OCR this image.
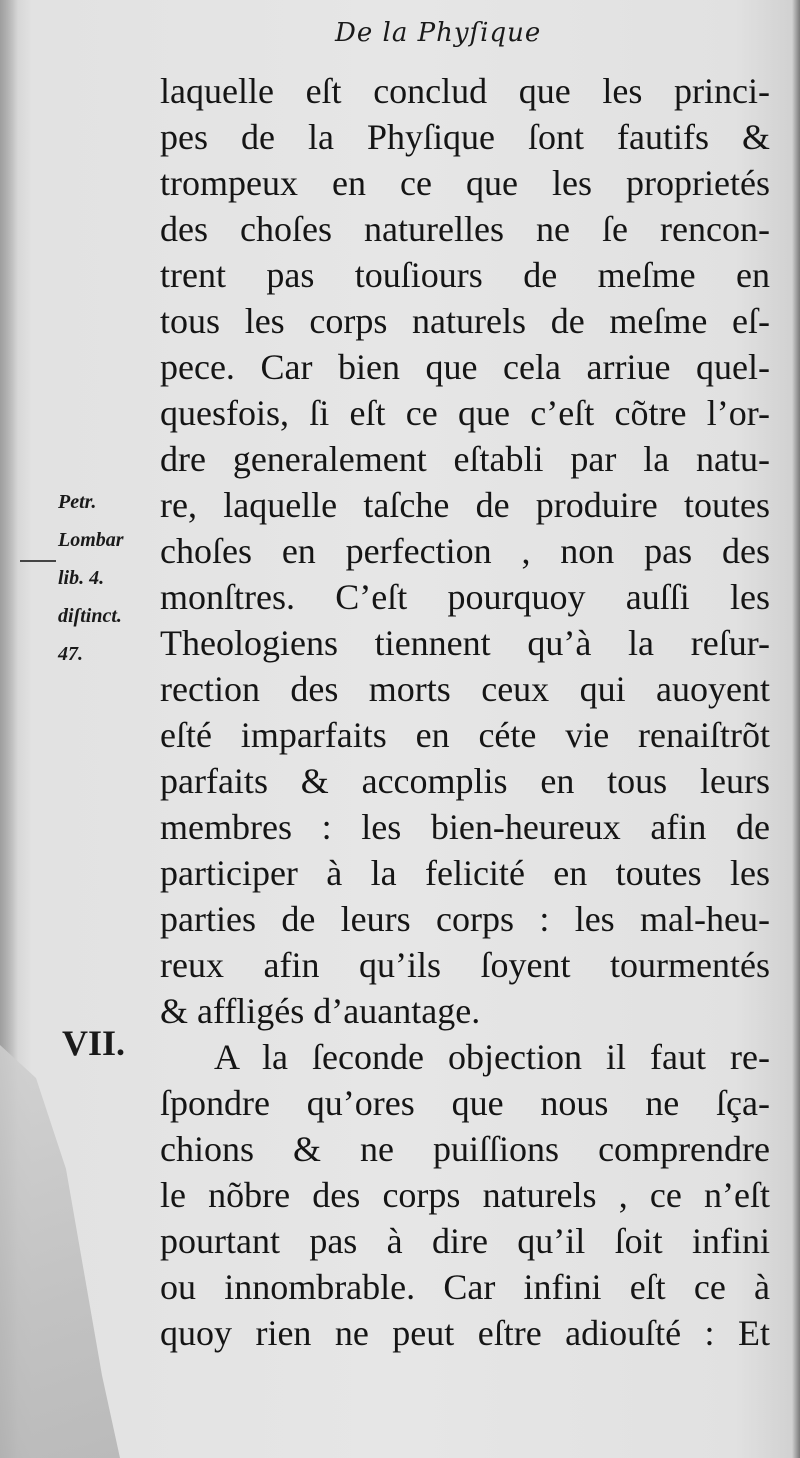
De la Phyſique
Petr.
Lombar
lib. 4.
diſtinct.
47.
VII.
laquelle eſt conclud que les princi-
pes de la Phyſique ſont fautifs &
trompeux en ce que les proprietés
des choſes naturelles ne ſe rencon-
trent pas touſiours de meſme en
tous les corps naturels de meſme eſ-
pece. Car bien que cela arriue quel-
quesfois, ſi eſt ce que c’eſt cõtre l’or-
dre generalement eſtabli par la natu-
re, laquelle taſche de produire toutes
choſes en perfection , non pas des
monſtres. C’eſt pourquoy auſſi les
Theologiens tiennent qu’à la reſur-
rection des morts ceux qui auoyent
eſté imparfaits en céte vie renaiſtrõt
parfaits & accomplis en tous leurs
membres : les bien-heureux afin de
participer à la felicité en toutes les
parties de leurs corps : les mal-heu-
reux afin qu’ils ſoyent tourmentés
& affligés d’auantage.
A la ſeconde objection il faut re-
ſpondre qu’ores que nous ne ſça-
chions & ne puiſſions comprendre
le nõbre des corps naturels , ce n’eſt
pourtant pas à dire qu’il ſoit infini
ou innombrable. Car infini eſt ce à
quoy rien ne peut eſtre adiouſté : Et
